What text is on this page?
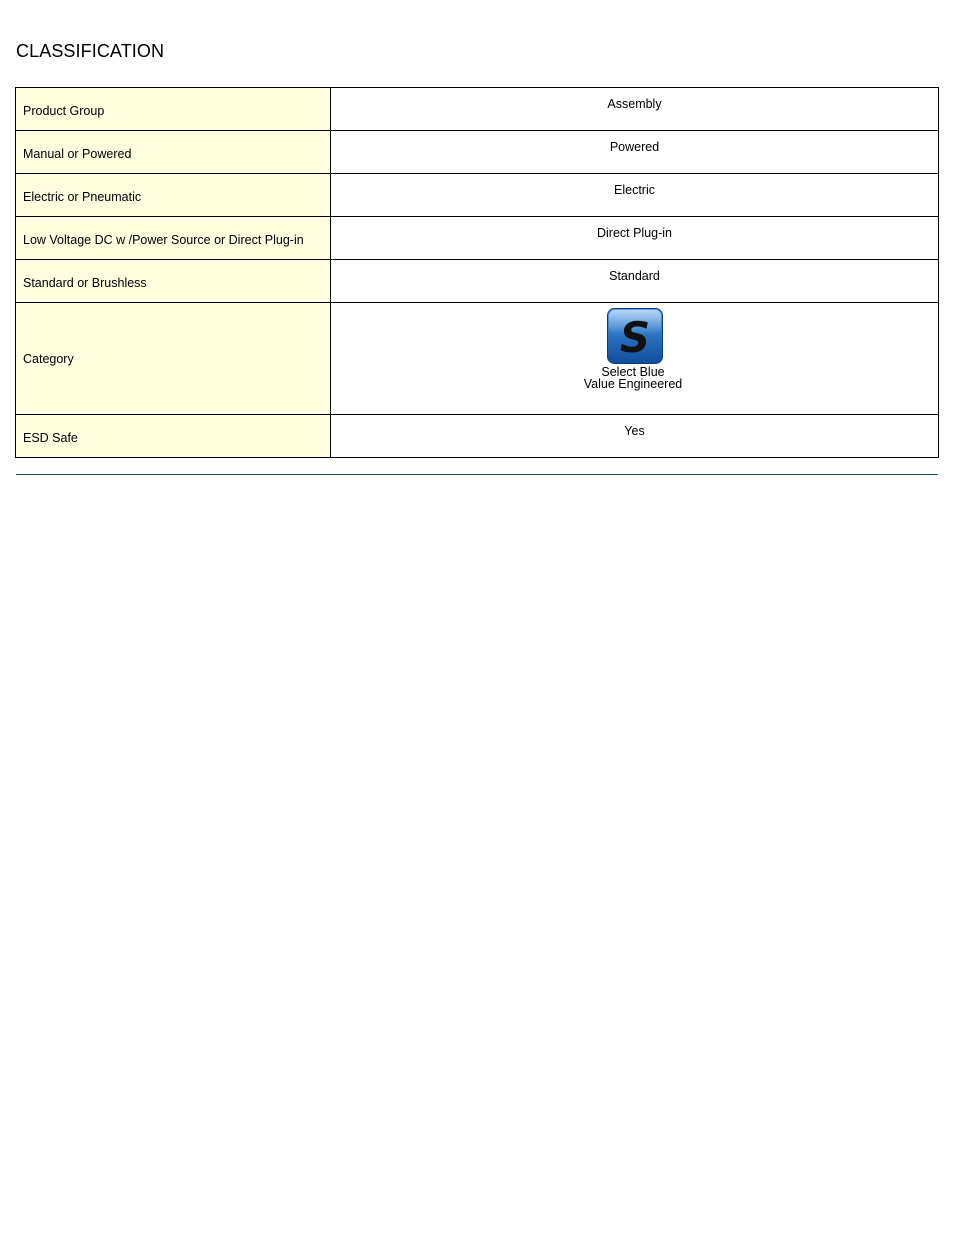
CLASSIFICATION
Product Group	Assembly
Manual or Powered	Powered
Electric or Pneumatic	Electric
Low Voltage DC w /Power Source or Direct Plug-in	Direct Plug-in
Standard or Brushless	Standard
Category	S
Select Blue
Value Engineered

ESD Safe	Yes
